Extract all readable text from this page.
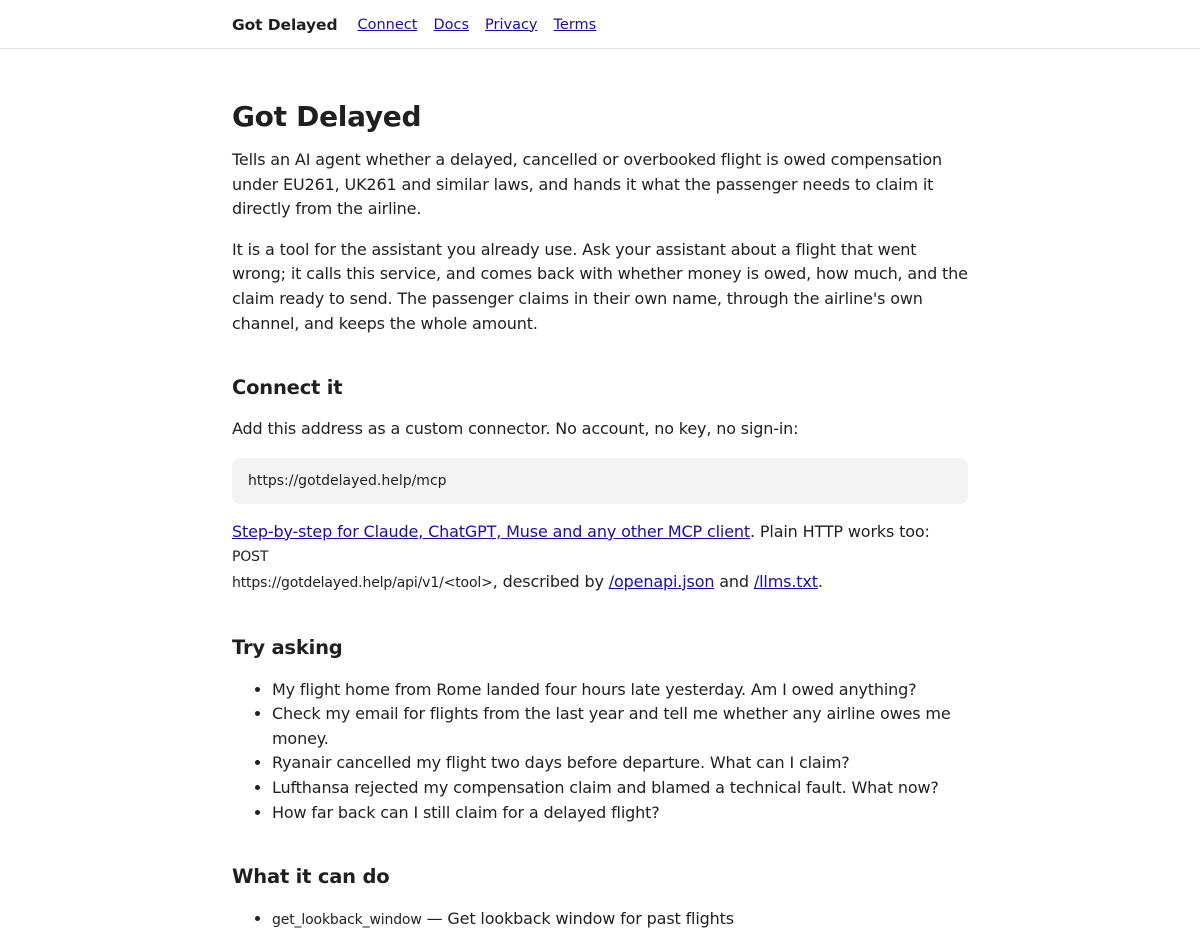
Got Delayed Connect Docs Privacy Terms
Got Delayed

Tells an AI agent whether a delayed, cancelled or overbooked flight is owed compensation under EU261, UK261 and similar laws, and hands it what the passenger needs to claim it directly from the airline.

It is a tool for the assistant you already use. Ask your assistant about a flight that went wrong; it calls this service, and comes back with whether money is owed, how much, and the claim ready to send. The passenger claims in their own name, through the airline's own channel, and keeps the whole amount.

Connect it

Add this address as a custom connector. No account, no key, no sign-in:

https://gotdelayed.help/mcp

Step-by-step for Claude, ChatGPT, Muse and any other MCP client. Plain HTTP works too: POST
https://gotdelayed.help/api/v1/<tool>, described by /openapi.json and /llms.txt.

Try asking
• My flight home from Rome landed four hours late yesterday. Am I owed anything?
• Check my email for flights from the last year and tell me whether any airline owes me money.
• Ryanair cancelled my flight two days before departure. What can I claim?
• Lufthansa rejected my compensation claim and blamed a technical fault. What now?
• How far back can I still claim for a delayed flight?
What it can do
• get_lookback_window — Get lookback window for past flights
